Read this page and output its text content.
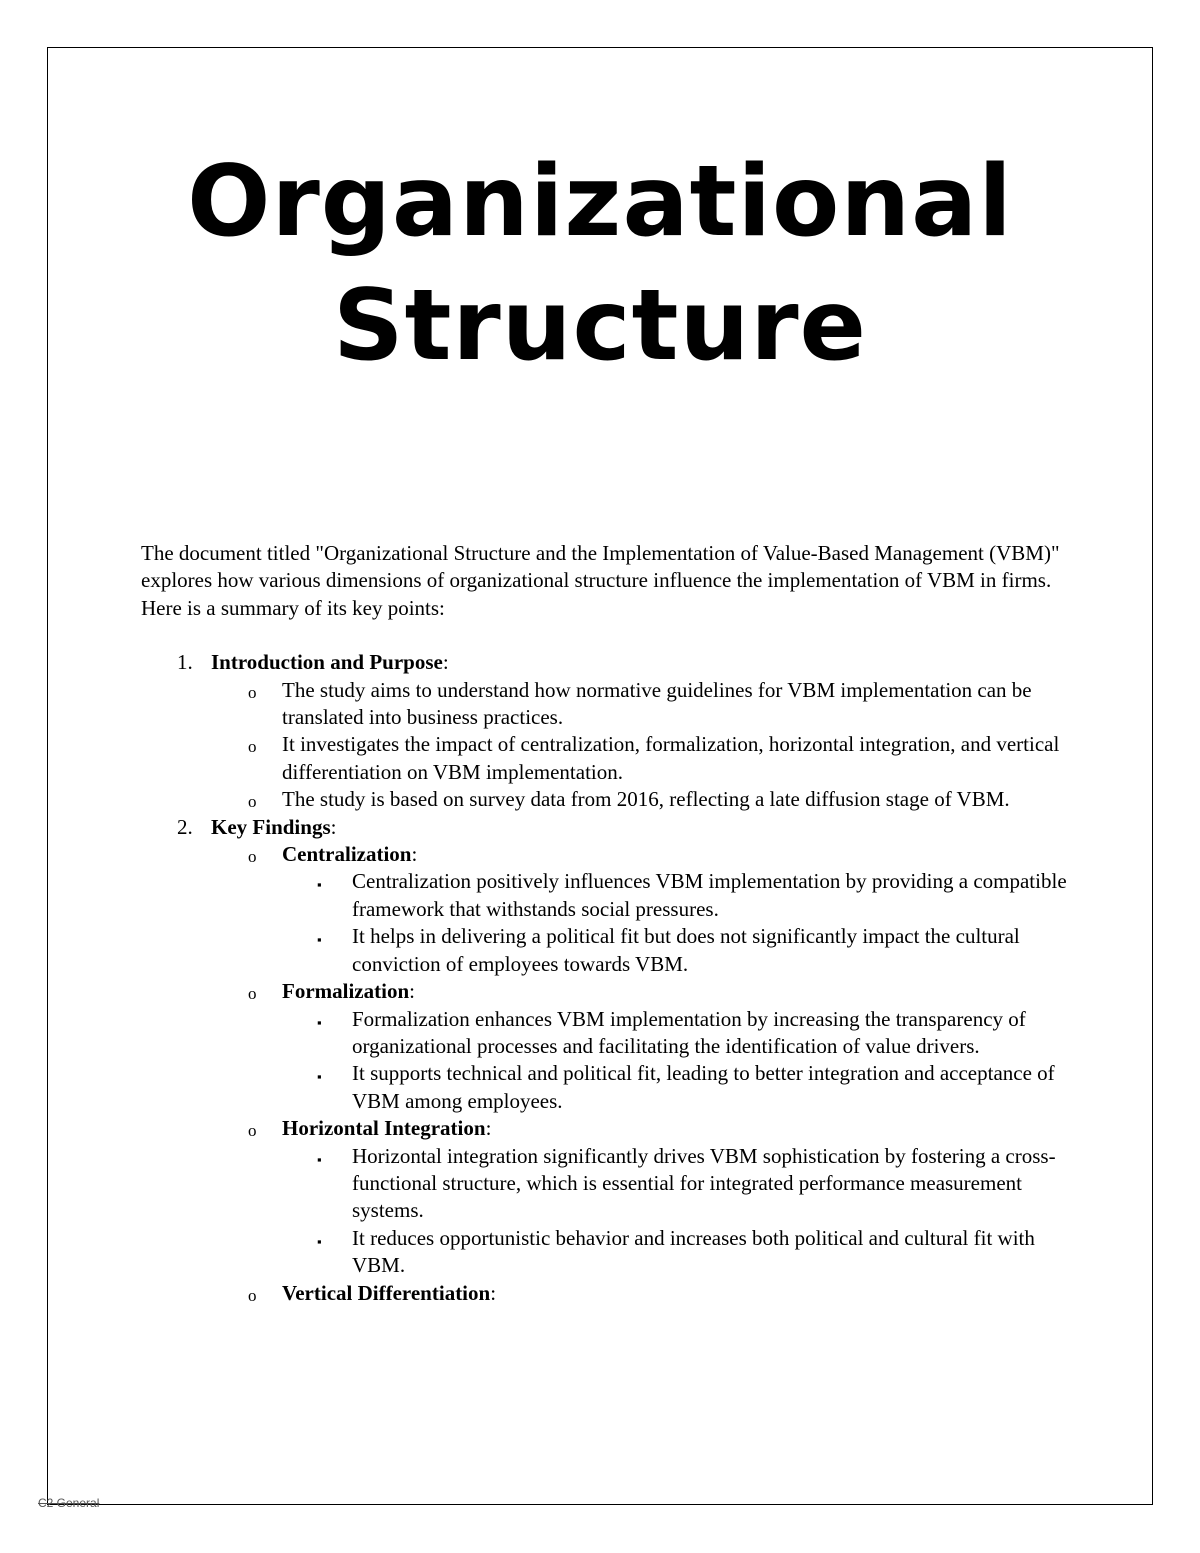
Organizational
Structure

The document titled "Organizational Structure and the Implementation of Value-Based Management (VBM)" explores how various dimensions of organizational structure influence the implementation of VBM in firms. Here is a summary of its key points:

1. Introduction and Purpose:
o The study aims to understand how normative guidelines for VBM implementation can be translated into business practices.
o It investigates the impact of centralization, formalization, horizontal integration, and vertical differentiation on VBM implementation.
o The study is based on survey data from 2016, reflecting a late diffusion stage of VBM.
2. Key Findings:
o Centralization:
▪ Centralization positively influences VBM implementation by providing a compatible framework that withstands social pressures.
▪ It helps in delivering a political fit but does not significantly impact the cultural conviction of employees towards VBM.
o Formalization:
▪ Formalization enhances VBM implementation by increasing the transparency of organizational processes and facilitating the identification of value drivers.
▪ It supports technical and political fit, leading to better integration and acceptance of VBM among employees.
o Horizontal Integration:
▪ Horizontal integration significantly drives VBM sophistication by fostering a cross-functional structure, which is essential for integrated performance measurement systems.
▪ It reduces opportunistic behavior and increases both political and cultural fit with VBM.
o Vertical Differentiation:
C2 General
